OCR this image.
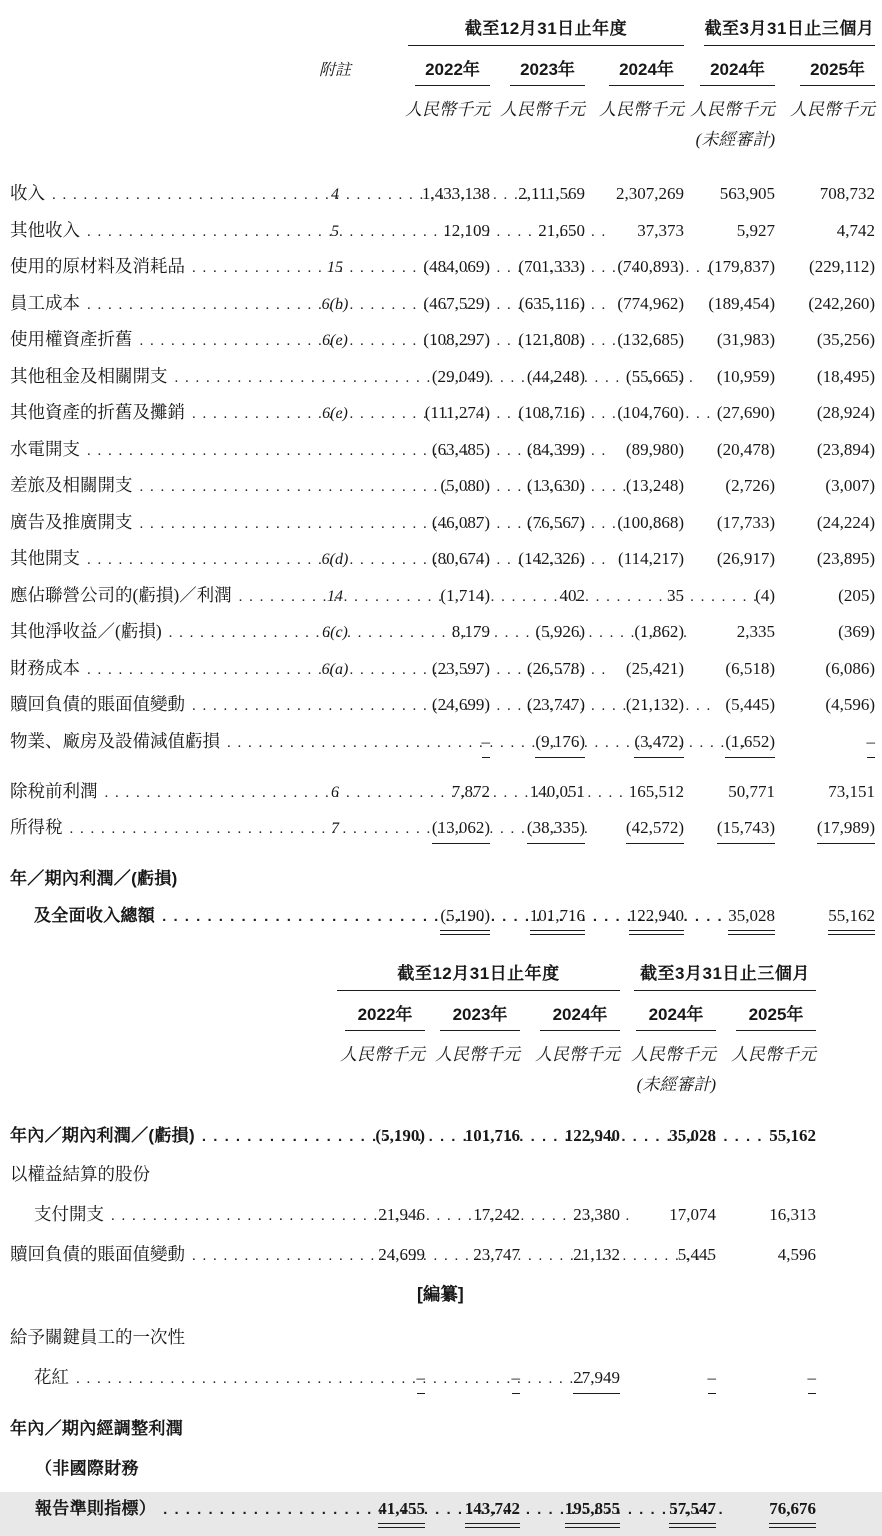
截至12月31日止年度	截至3月31日止三個月
附註	2022年	2023年	2024年	2024年	2025年
人民幣千元 人民幣千元 人民幣千元 人民幣千元 人民幣千元
(未經審計)
收入 . . .	4	1,433,138	2,111,569	2,307,269	563,905	708,732
其他收入 . . .	5	12,109	21,650	37,373	5,927	4,742
使用的原材料及消耗品 . . .	15	(484,069)	(701,333)	(740,893)	(179,837)	(229,112)
員工成本 . . .	6(b)	(467,529)	(635,116)	(774,962)	(189,454)	(242,260)
使用權資產折舊 . . .	6(e)	(108,297)	(121,808)	(132,685)	(31,983)	(35,256)
其他租金及相關開支 . . .	(29,049)	(44,248)	(55,665)	(10,959)	(18,495)
其他資產的折舊及攤銷 . . .	6(e)	(111,274)	(108,716)	(104,760)	(27,690)	(28,924)
水電開支 . . .	(63,485)	(84,399)	(89,980)	(20,478)	(23,894)
差旅及相關開支 . . .	(5,080)	(13,630)	(13,248)	(2,726)	(3,007)
廣告及推廣開支 . . .	(46,087)	(76,567)	(100,868)	(17,733)	(24,224)
其他開支 . . .	6(d)	(80,674)	(142,326)	(114,217)	(26,917)	(23,895)
應佔聯營公司的(虧損)／利潤 . . .	14	(1,714)	402	35	(4)	(205)
其他淨收益／(虧損) . . .	6(c)	8,179	(5,926)	(1,862)	2,335	(369)
財務成本 . . .	6(a)	(23,597)	(26,578)	(25,421)	(6,518)	(6,086)
贖回負債的賬面值變動 . . .	(24,699)	(23,747)	(21,132)	(5,445)	(4,596)
物業、廠房及設備減值虧損 . . .	–	(9,176)	(3,472)	(1,652)	–
除稅前利潤 . . .	6	7,872	140,051	165,512	50,771	73,151
所得稅 . . .	7	(13,062)	(38,335)	(42,572)	(15,743)	(17,989)
年／期內利潤／(虧損)
及全面收入總額 . . .	(5,190)	101,716	122,940	35,028	55,162
截至12月31日止年度	截至3月31日止三個月
2022年	2023年	2024年	2024年	2025年
人民幣千元 人民幣千元 人民幣千元 人民幣千元 人民幣千元
(未經審計)
年內／期內利潤／(虧損) . . .	(5,190)	101,716	122,940	35,028	55,162
以權益結算的股份
支付開支 . . .	21,946	17,242	23,380	17,074	16,313
贖回負債的賬面值變動 . . .	24,699	23,747	21,132	5,445	4,596
[編纂]
給予關鍵員工的一次性
花紅 . . .	–	–	27,949	–	–
年內／期內經調整利潤
（非國際財務
報告準則指標） . . .	41,455	143,742	195,855	57,547	76,676
